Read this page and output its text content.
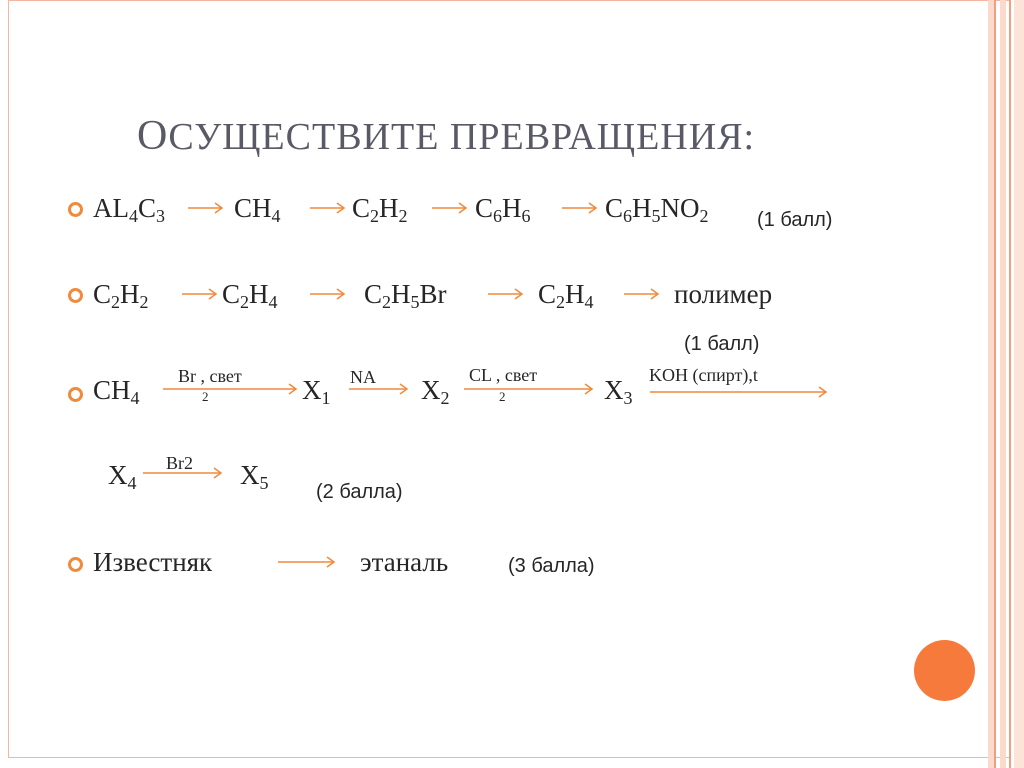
ОСУЩЕСТВИТЕ ПРЕВРАЩЕНИЯ:
$AL_4C_3 \to CH_4 \to C_2H_2 \to C_6H_6 \to C_6H_5NO_2$ (1 балл)
$C_2H_2 \to C_2H_4 \to C_2H_5Br$	→ $C_2H_4$ → полимер
(1 балл)
$CH_4$
Br , свет
2	$X_1$
NA → $X_2$
CL , свет
2	$X_3$
KOH (спирт),t
$X_4$
Br2 $X_5$ (2 балла)
Известняк	→ этаналь	(3 балла)
